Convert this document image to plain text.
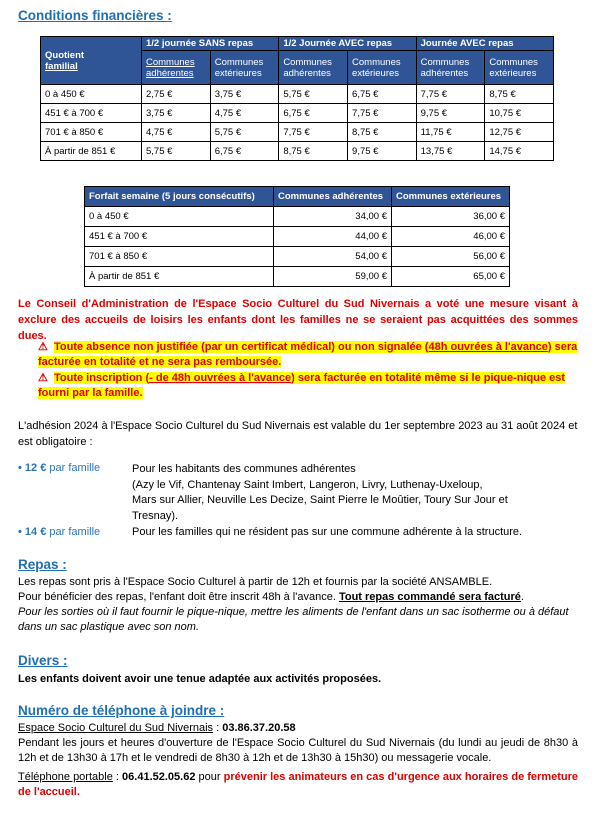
Conditions financières :
Quotient
familial	1/2 journée SANS repas		1/2 Journée AVEC repas		Journée AVEC repas	
	Communes adhérentes	Communes extérieures	Communes adhérentes	Communes extérieures	Communes adhérentes	Communes extérieures
0 à 450 €	2,75 €	3,75 €	5,75 €	6,75 €	7,75 €	8,75 €
451 € à 700 €	3,75 €	4,75 €	6,75 €	7,75 €	9,75 €	10,75 €
701 € à 850 €	4,75 €	5,75 €	7,75 €	8,75 €	11,75 €	12,75 €
À partir de 851 €	5,75 €	6,75 €	8,75 €	9,75 €	13,75 €	14,75 €
Forfait semaine (5 jours consécutifs)	Communes adhérentes	Communes extérieures
0 à 450 €	34,00 €	36,00 €
451 € à 700 €	44,00 €	46,00 €
701 € à 850 €	54,00 €	56,00 €
À partir de 851 €	59,00 €	65,00 €
Le Conseil d'Administration de l'Espace Socio Culturel du Sud Nivernais a voté une mesure visant à exclure des accueils de loisirs les enfants dont les familles ne se seraient pas acquittées des sommes dues.
⚠ Toute absence non justifiée (par un certificat médical) ou non signalée (48h ouvrées à l'avance) sera facturée en totalité et ne sera pas remboursée.
⚠ Toute inscription (- de 48h ouvrées à l'avance) sera facturée en totalité même si le pique-nique est fourni par la famille.
L'adhésion 2024 à l'Espace Socio Culturel du Sud Nivernais est valable du 1er septembre 2023 au 31 août 2024 et est obligatoire :
• 12 € par famille	Pour les habitants des communes adhérentes
(Azy le Vif, Chantenay Saint Imbert, Langeron, Livry, Luthenay-Uxeloup,
Mars sur Allier, Neuville Les Decize, Saint Pierre le Moûtier, Toury Sur Jour et
Tresnay).
• 14 € par famille	Pour les familles qui ne résident pas sur une commune adhérente à la structure.
Repas :
Les repas sont pris à l'Espace Socio Culturel à partir de 12h et fournis par la société ANSAMBLE.
Pour bénéficier des repas, l'enfant doit être inscrit 48h à l'avance. Tout repas commandé sera facturé.
Pour les sorties où il faut fournir le pique-nique, mettre les aliments de l'enfant dans un sac isotherme ou à défaut dans un sac plastique avec son nom.
Divers :
Les enfants doivent avoir une tenue adaptée aux activités proposées.
Numéro de téléphone à joindre :
Espace Socio Culturel du Sud Nivernais : 03.86.37.20.58
Pendant les jours et heures d'ouverture de l'Espace Socio Culturel du Sud Nivernais (du lundi au jeudi de 8h30 à 12h et de 13h30 à 17h et le vendredi de 8h30 à 12h et de 13h30 à 15h30) ou messagerie vocale.
Téléphone portable : 06.41.52.05.62 pour prévenir les animateurs en cas d'urgence aux horaires de fermeture de l'accueil.
